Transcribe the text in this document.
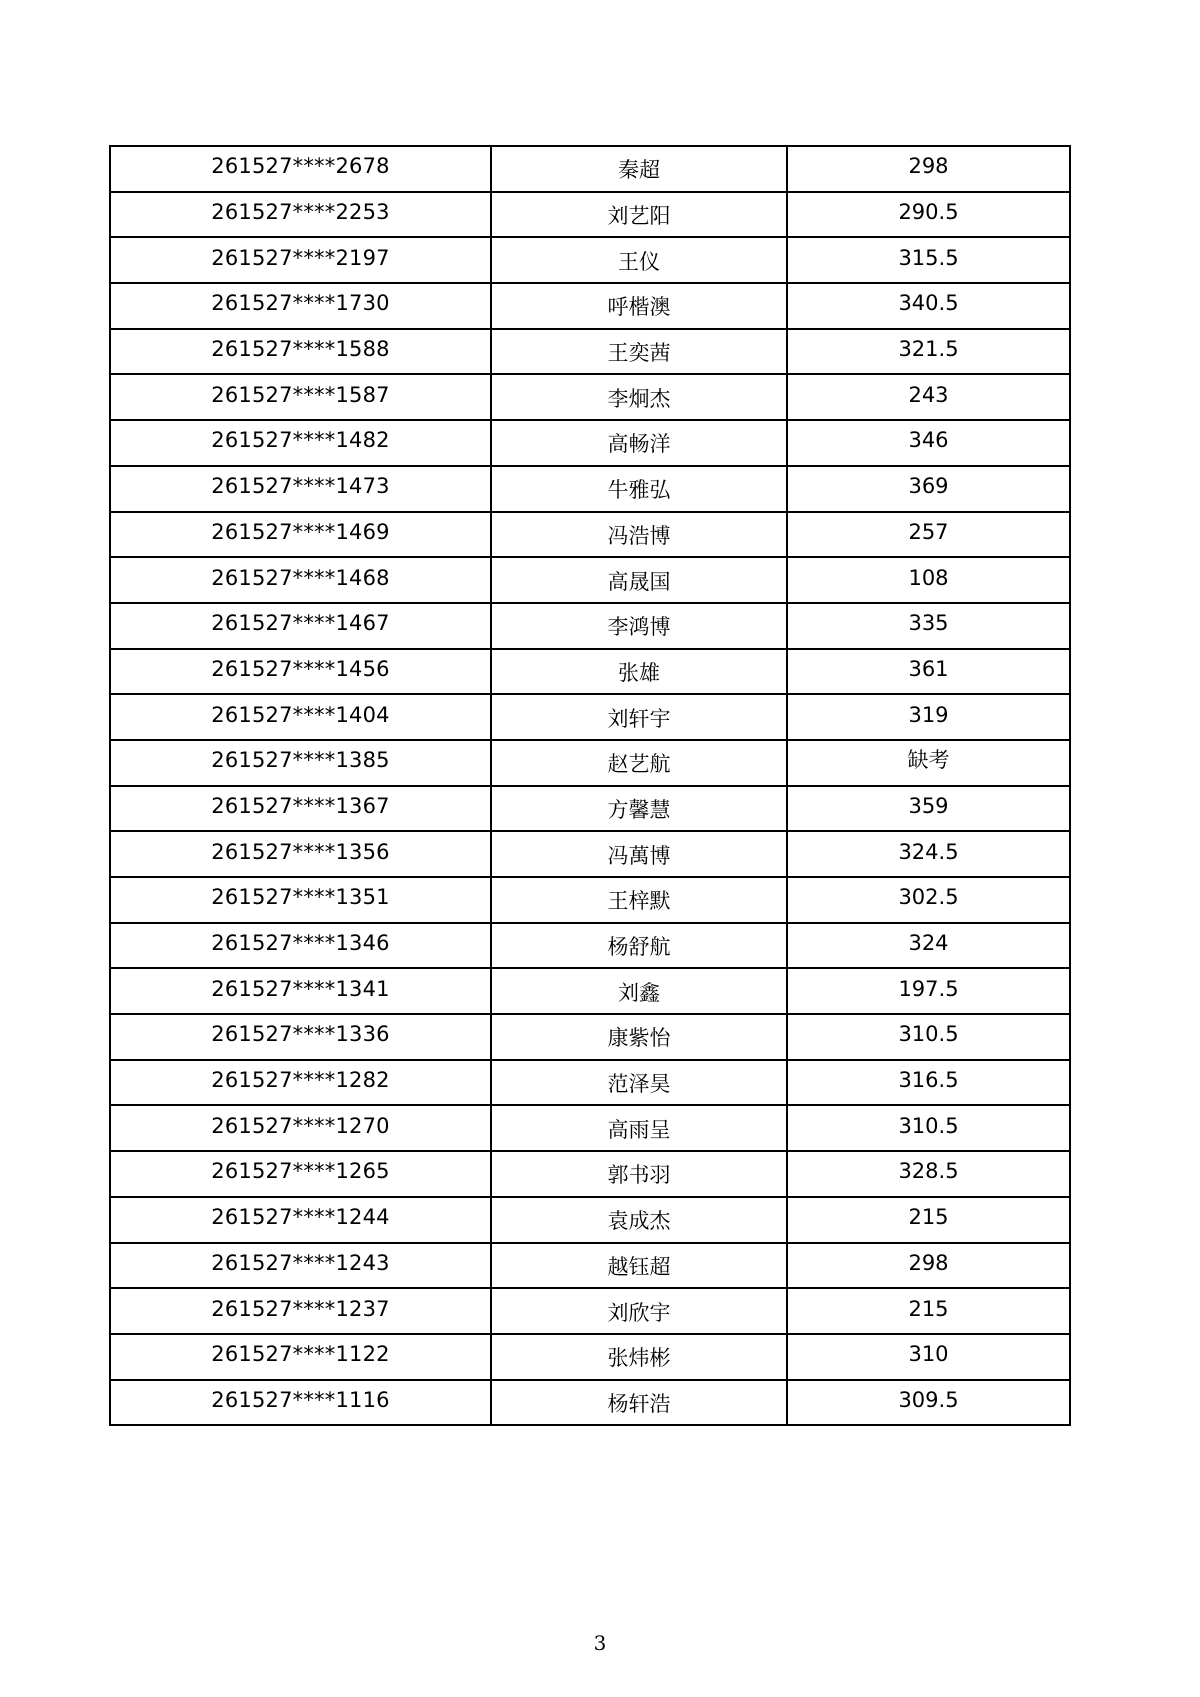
261527****2678	秦超	298
261527****2253	刘艺阳	290.5
261527****2197	王仪	315.5
261527****1730	呼楷澳	340.5
261527****1588	王奕茜	321.5
261527****1587	李炯杰	243
261527****1482	高畅洋	346
261527****1473	牛雅弘	369
261527****1469	冯浩博	257
261527****1468	高晟国	108
261527****1467	李鸿博	335
261527****1456	张雄	361
261527****1404	刘轩宇	319
261527****1385	赵艺航	缺考
261527****1367	方馨慧	359
261527****1356	冯萬博	324.5
261527****1351	王梓默	302.5
261527****1346	杨舒航	324
261527****1341	刘鑫	197.5
261527****1336	康紫怡	310.5
261527****1282	范泽昊	316.5
261527****1270	高雨呈	310.5
261527****1265	郭书羽	328.5
261527****1244	袁成杰	215
261527****1243	越钰超	298
261527****1237	刘欣宇	215
261527****1122	张炜彬	310
261527****1116	杨轩浩	309.5
3
